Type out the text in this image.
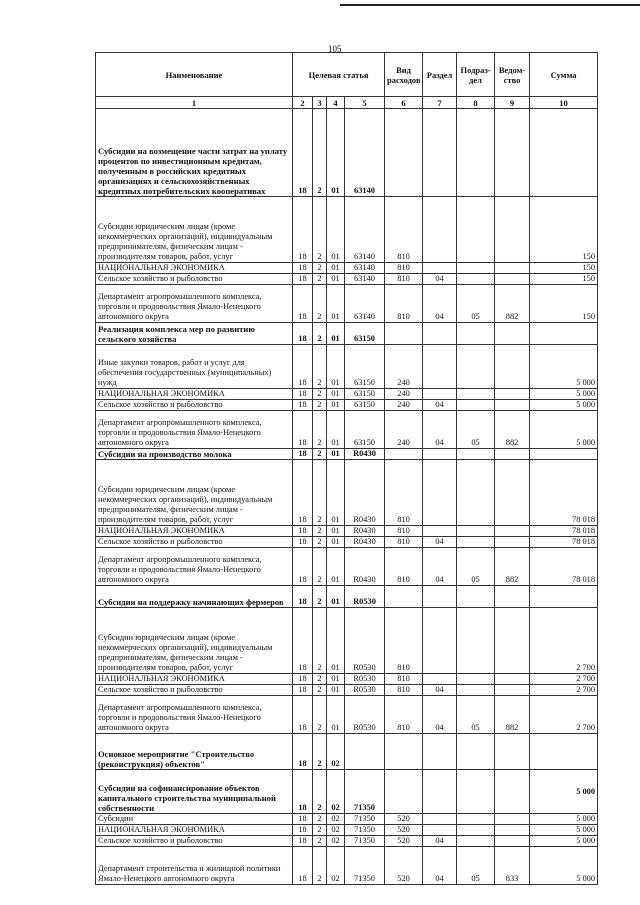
105
Наименование	Целевая статья				Вид расходов	Раздел	Подраз-дел	Ведом-ство	Сумма
1	2	3	4	5	6	7	8	9	10
Субсидии на возмещение части затрат на уплату процентов по инвестиционным кредитам, полученным в российских кредитных организациях и сельскохозяйственных кредитных потребительских кооперативах	18	2	01	63140					
Субсидии юридическим лицам (кроме некоммерческих организаций), индивидуальным предпринимателям, физическим лицам - производителям товаров, работ, услуг	18	2	01	63140	810				150
НАЦИОНАЛЬНАЯ ЭКОНОМИКА	18	2	01	63140	810				150
Сельское хозяйство и рыболовство	18	2	01	63140	810	04			150
Департамент агропромышленного комплекса, торговли и продовольствия Ямало-Ненецкого автономного округа	18	2	01	63140	810	04	05	882	150
Реализация комплекса мер по развитию сельского хозяйства	18	2	01	63150					
Иные закупки товаров, работ и услуг для обеспечения государственных (муниципальных) нужд	18	2	01	63150	240				5 000
НАЦИОНАЛЬНАЯ ЭКОНОМИКА	18	2	01	63150	240				5 000
Сельское хозяйство и рыболовство	18	2	01	63150	240	04			5 000
Департамент агропромышленного комплекса, торговли и продовольствия Ямало-Ненецкого автономного округа	18	2	01	63150	240	04	05	882	5 000
Субсидии на производство молока	18	2	01	R0430					
Субсидии юридическим лицам (кроме некоммерческих организаций), индивидуальным предпринимателям, физическим лицам - производителям товаров, работ, услуг	18	2	01	R0430	810				78 018
НАЦИОНАЛЬНАЯ ЭКОНОМИКА	18	2	01	R0430	810				78 018
Сельское хозяйство и рыболовство	18	2	01	R0430	810	04			78 018
Департамент агропромышленного комплекса, торговли и продовольствия Ямало-Ненецкого автономного округа	18	2	01	R0430	810	04	05	882	78 018
Субсидии на поддержку начинающих фермеров	18	2	01	R0530					
Субсидии юридическим лицам (кроме некоммерческих организаций), индивидуальным предпринимателям, физическим лицам - производителям товаров, работ, услуг	18	2	01	R0530	810				2 700
НАЦИОНАЛЬНАЯ ЭКОНОМИКА	18	2	01	R0530	810				2 700
Сельское хозяйство и рыболовство	18	2	01	R0530	810	04			2 700
Департамент агропромышленного комплекса, торговли и продовольствия Ямало-Ненецкого автономного округа	18	2	01	R0530	810	04	05	882	2 700
Основное мероприятие "Строительство (реконструкция) объектов"	18	2	02						
Субсидии на софинансирование объектов капитального строительства муниципальной собственности	18	2	02	71350					5 000
Субсидии	18	2	02	71350	520				5 000
НАЦИОНАЛЬНАЯ ЭКОНОМИКА	18	2	02	71350	520				5 000
Сельское хозяйство и рыболовство	18	2	02	71350	520	04			5 000
Департамент строительства и жилищной политики Ямало-Ненецкого автономного округа	18	2	02	71350	520	04	05	833	5 000
